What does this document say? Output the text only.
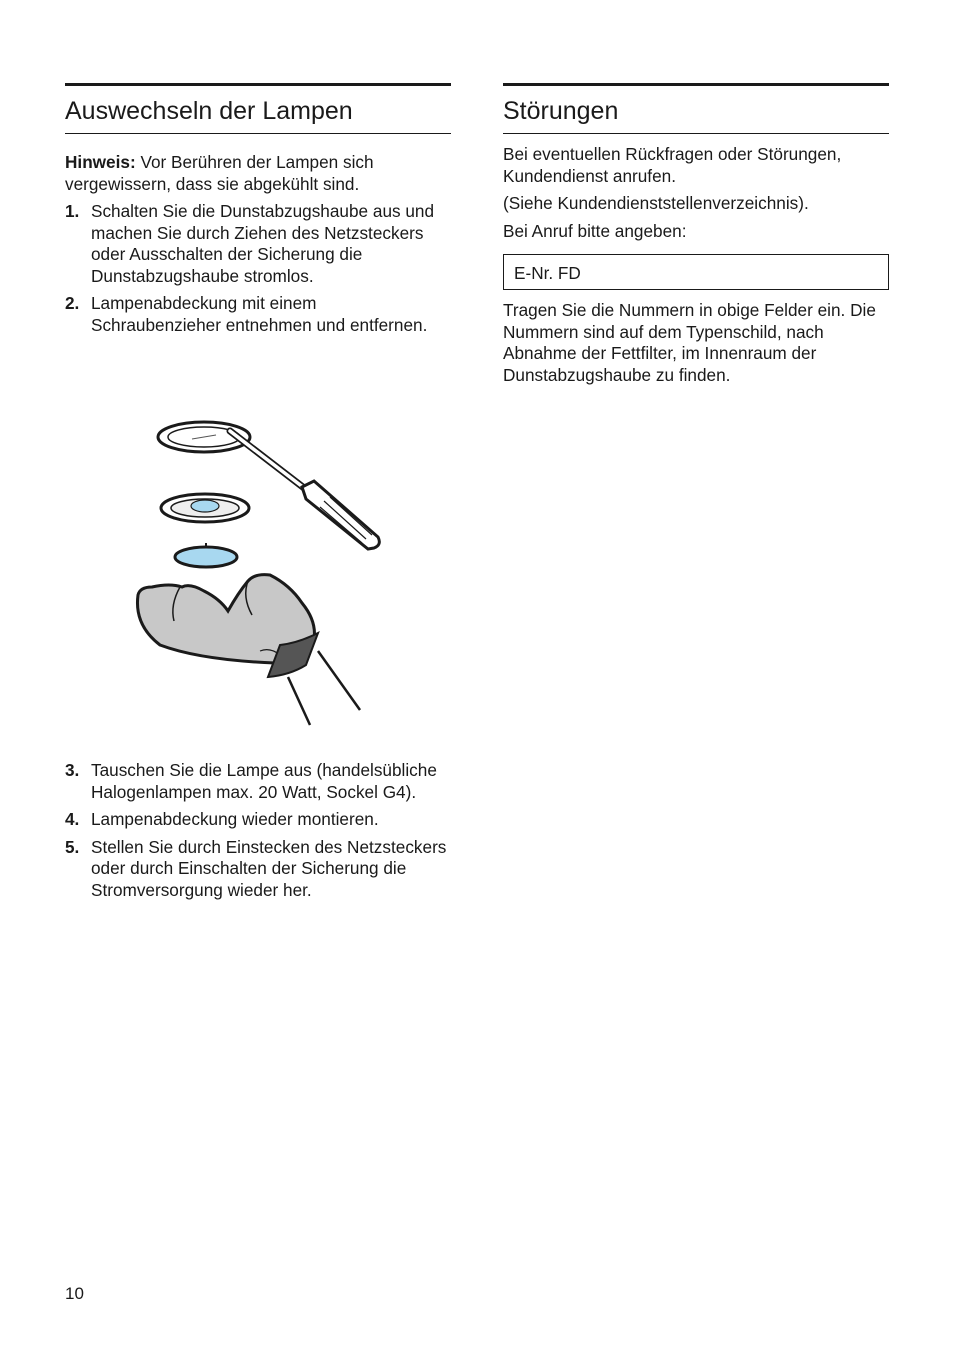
Auswechseln der Lampen
Hinweis: Vor Berühren der Lampen sich vergewissern, dass sie abgekühlt sind.
1. Schalten Sie die Dunstabzugshaube aus und machen Sie durch Ziehen des Netzsteckers oder Ausschalten der Sicherung die Dunstabzugshaube stromlos.
2. Lampenabdeckung mit einem Schraubenzieher entnehmen und entfernen.
3. Tauschen Sie die Lampe aus (handelsübliche Halogenlampen max. 20 Watt, Sockel G4).
4. Lampenabdeckung wieder montieren.
5. Stellen Sie durch Einstecken des Netzsteckers oder durch Einschalten der Sicherung die Stromversorgung wieder her.
Störungen

Bei eventuellen Rückfragen oder Störungen, Kundendienst anrufen.

(Siehe Kundendienststellenverzeichnis).

Bei Anruf bitte angeben:

E-Nr. FD

Tragen Sie die Nummern in obige Felder ein. Die Nummern sind auf dem Typenschild, nach Abnahme der Fettfilter, im Innenraum der Dunstabzugshaube zu finden.

10
